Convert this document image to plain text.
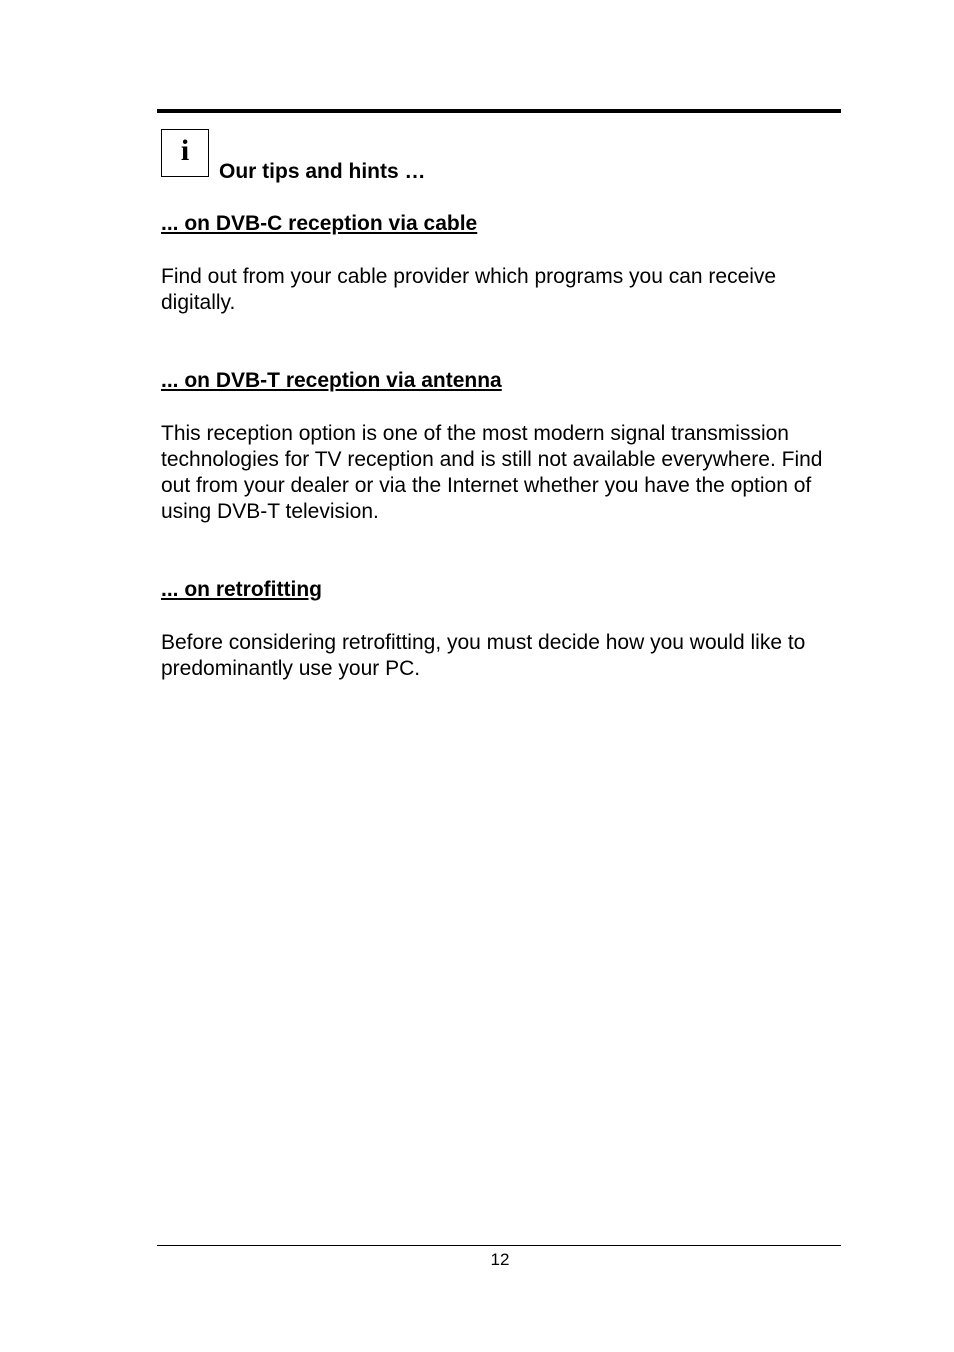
i
Our tips and hints …
... on DVB-C reception via cable

Find out from your cable provider which programs you can receive digitally.

... on DVB-T reception via antenna

This reception option is one of the most modern signal transmission technologies for TV reception and is still not available everywhere. Find out from your dealer or via the Internet whether you have the option of using DVB-T television.

... on retrofitting

Before considering retrofitting, you must decide how you would like to predominantly use your PC.

12
